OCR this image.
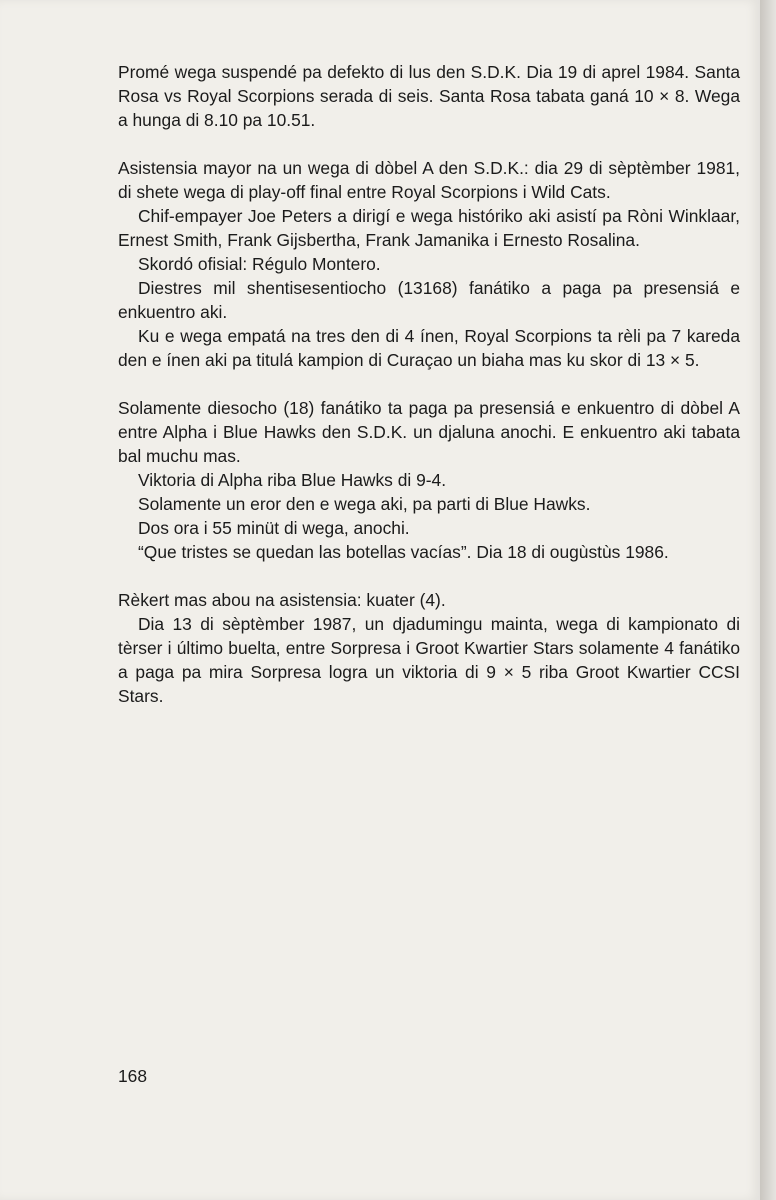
Promé wega suspendé pa defekto di lus den S.D.K. Dia 19 di aprel 1984. Santa Rosa vs Royal Scorpions serada di seis. Santa Rosa tabata ganá 10 × 8. Wega a hunga di 8.10 pa 10.51.

Asistensia mayor na un wega di dòbel A den S.D.K.: dia 29 di sèptèmber 1981, di shete wega di play-off final entre Royal Scorpions i Wild Cats.

Chif-empayer Joe Peters a dirigí e wega históriko aki asistí pa Ròni Winklaar, Ernest Smith, Frank Gijsbertha, Frank Jamanika i Ernesto Rosalina.

Skordó ofisial: Régulo Montero.

Diestres mil shentisesentiocho (13168) fanátiko a paga pa presensiá e enkuentro aki.

Ku e wega empatá na tres den di 4 ínen, Royal Scorpions ta rèli pa 7 kareda den e ínen aki pa titulá kampion di Curaçao un biaha mas ku skor di 13 × 5.

Solamente diesocho (18) fanátiko ta paga pa presensiá e enkuentro di dòbel A entre Alpha i Blue Hawks den S.D.K. un djaluna anochi. E enkuentro aki tabata bal muchu mas.

Viktoria di Alpha riba Blue Hawks di 9-4.

Solamente un eror den e wega aki, pa parti di Blue Hawks.

Dos ora i 55 minüt di wega, anochi.

“Que tristes se quedan las botellas vacías”. Dia 18 di ougùstùs 1986.

Rèkert mas abou na asistensia: kuater (4).

Dia 13 di sèptèmber 1987, un djadumingu mainta, wega di kampionato di tèrser i último buelta, entre Sorpresa i Groot Kwartier Stars solamente 4 fanátiko a paga pa mira Sorpresa logra un viktoria di 9 × 5 riba Groot Kwartier CCSI Stars.

168
